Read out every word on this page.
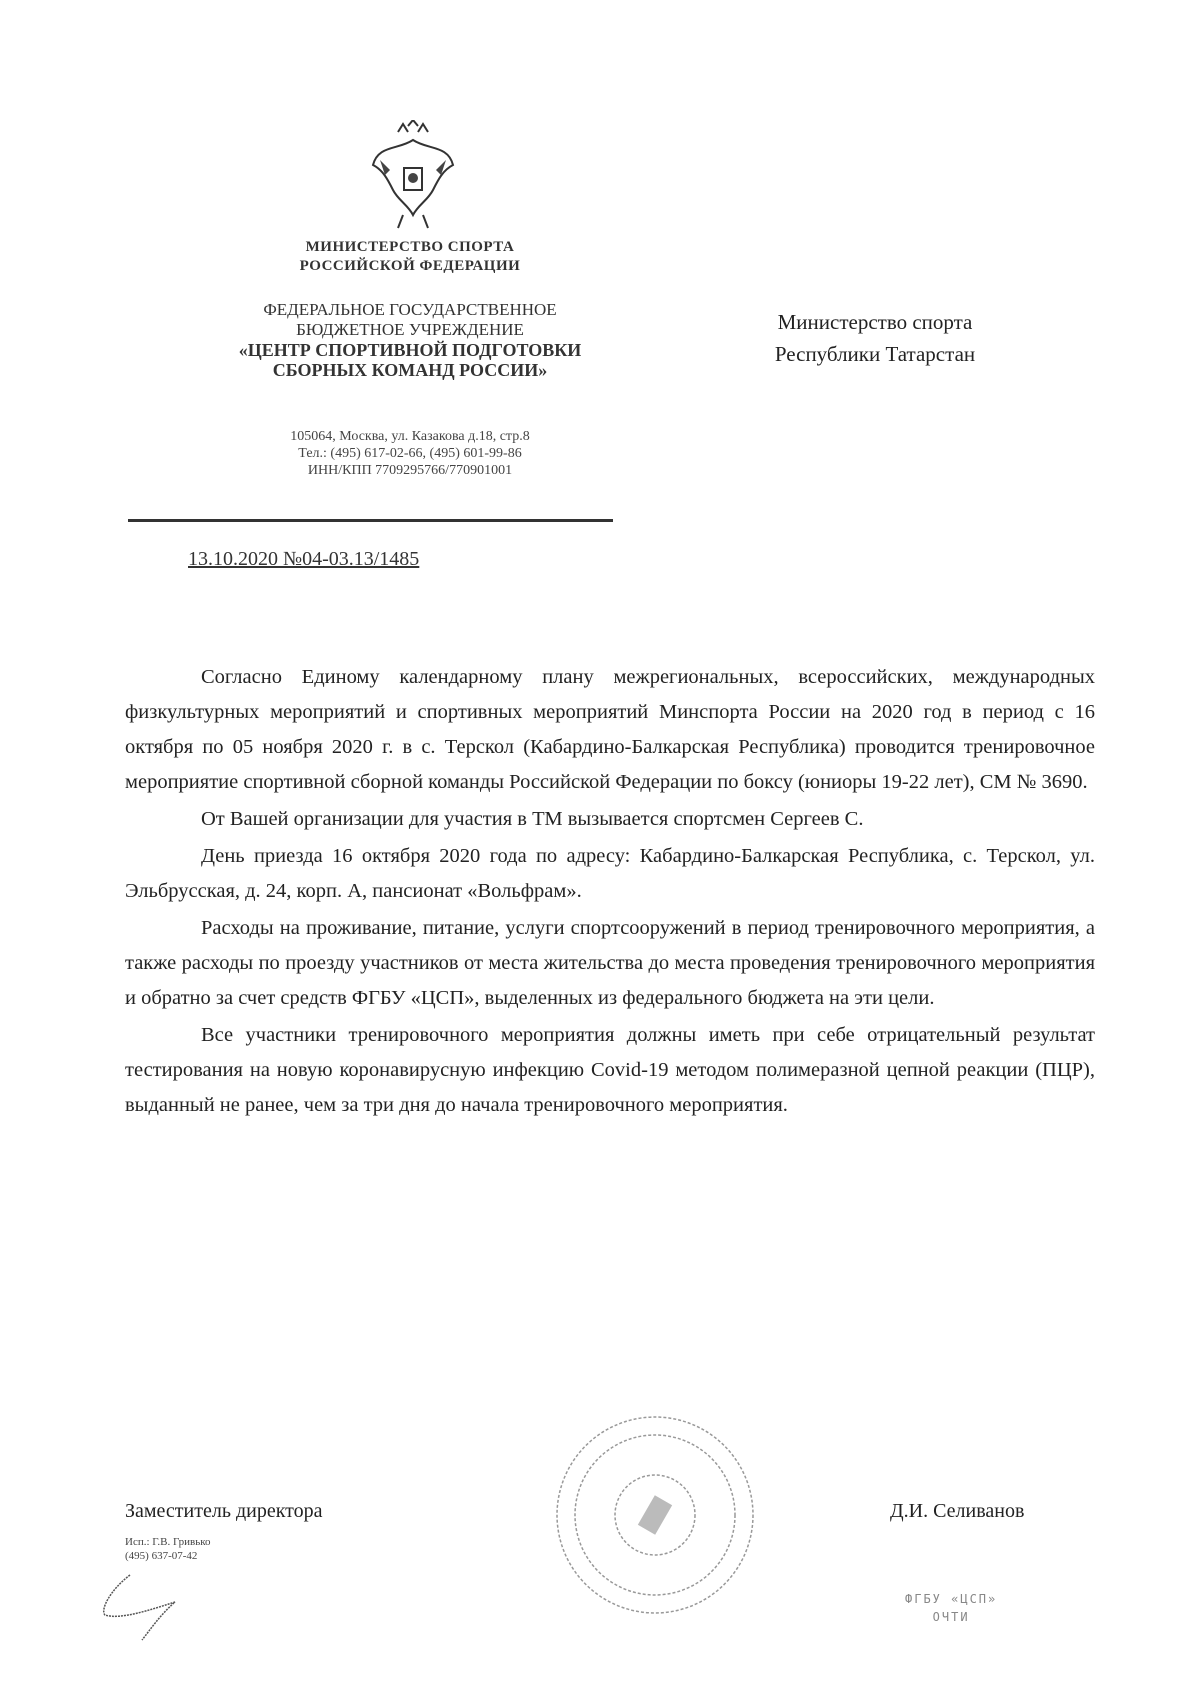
МИНИСТЕРСТВО СПОРТА
РОССИЙСКОЙ ФЕДЕРАЦИИ
ФЕДЕРАЛЬНОЕ ГОСУДАРСТВЕННОЕ
БЮДЖЕТНОЕ УЧРЕЖДЕНИЕ
«ЦЕНТР СПОРТИВНОЙ ПОДГОТОВКИ
СБОРНЫХ КОМАНД РОССИИ»
105064, Москва, ул. Казакова д.18, стр.8
Тел.: (495) 617-02-66, (495) 601-99-86
ИНН/КПП 7709295766/770901001
13.10.2020 №04-03.13/1485
Министерство спорта
Республики Татарстан

Согласно Единому календарному плану межрегиональных, всероссийских, международных физкультурных мероприятий и спортивных мероприятий Минспорта России на 2020 год в период с 16 октября по 05 ноября 2020 г. в с. Терскол (Кабардино-Балкарская Республика) проводится тренировочное мероприятие спортивной сборной команды Российской Федерации по боксу (юниоры 19-22 лет), СМ № 3690.

От Вашей организации для участия в ТМ вызывается спортсмен Сергеев С.

День приезда 16 октября 2020 года по адресу: Кабардино-Балкарская Республика, с. Терскол, ул. Эльбрусская, д. 24, корп. А, пансионат «Вольфрам».

Расходы на проживание, питание, услуги спортсооружений в период тренировочного мероприятия, а также расходы по проезду участников от места жительства до места проведения тренировочного мероприятия и обратно за счет средств ФГБУ «ЦСП», выделенных из федерального бюджета на эти цели.

Все участники тренировочного мероприятия должны иметь при себе отрицательный результат тестирования на новую коронавирусную инфекцию Covid-19 методом полимеразной цепной реакции (ПЦР), выданный не ранее, чем за три дня до начала тренировочного мероприятия.

Заместитель директора	Д.И. Селиванов
Исп.: Г.В. Гривько
(495) 637-07-42
ФГБУ «ЦСП»
ОЧТИ
